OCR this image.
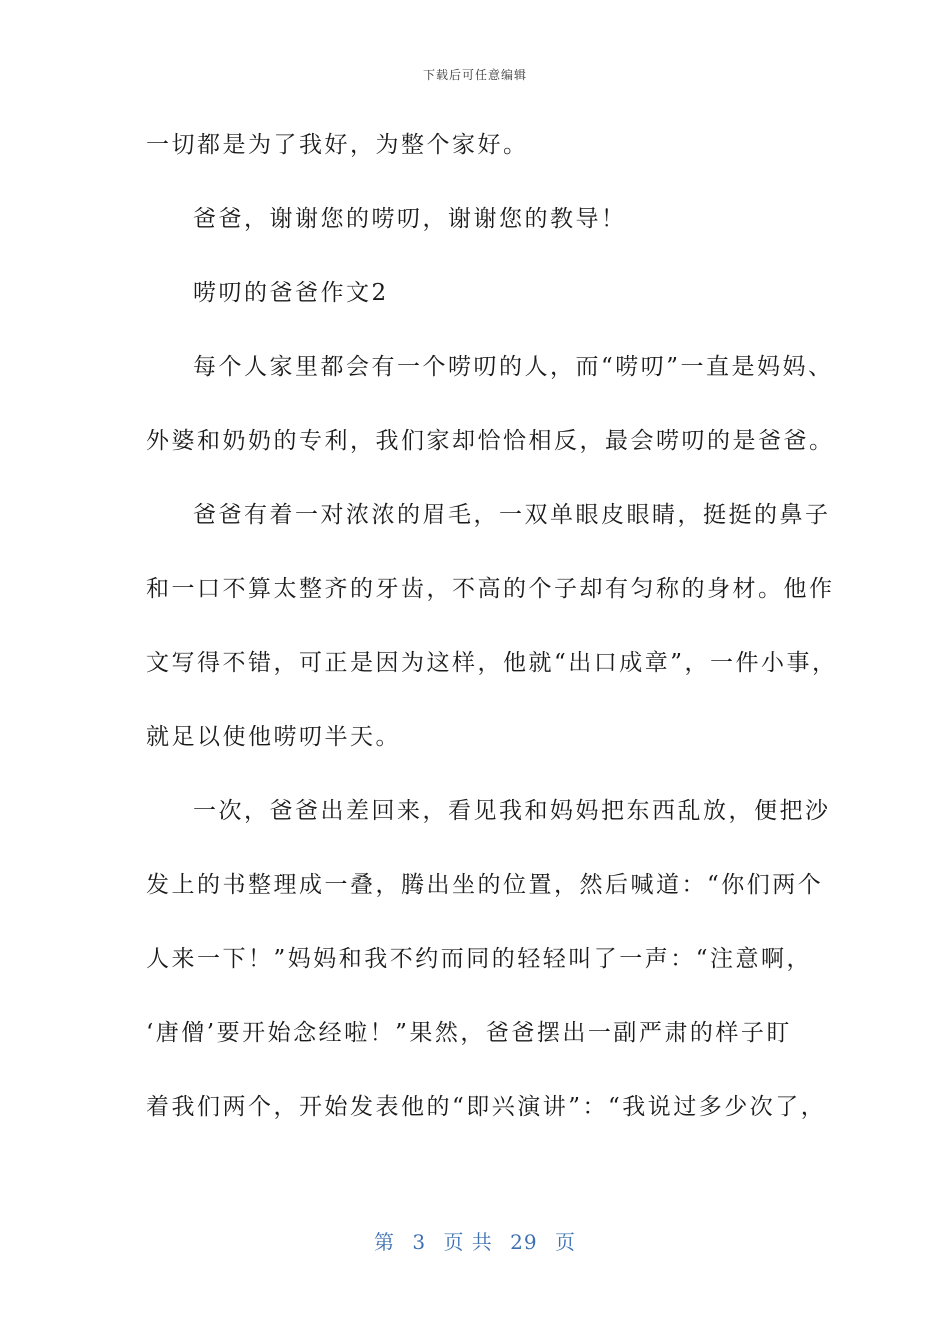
下载后可任意编辑
一切都是为了我好，为整个家好。
爸爸，谢谢您的唠叨，谢谢您的教导！
唠叨的爸爸作文2
每个人家里都会有一个唠叨的人，而“唠叨”一直是妈妈、
外婆和奶奶的专利，我们家却恰恰相反，最会唠叨的是爸爸。
爸爸有着一对浓浓的眉毛，一双单眼皮眼睛，挺挺的鼻子
和一口不算太整齐的牙齿，不高的个子却有匀称的身材。他作
文写得不错，可正是因为这样，他就“出口成章”，一件小事，
就足以使他唠叨半天。
一次，爸爸出差回来，看见我和妈妈把东西乱放，便把沙
发上的书整理成一叠，腾出坐的位置，然后喊道：“你们两个
人来一下！”妈妈和我不约而同的轻轻叫了一声：“注意啊，
‘唐僧’要开始念经啦！”果然，爸爸摆出一副严肃的样子盯
着我们两个，开始发表他的“即兴演讲”：“我说过多少次了，
第 3 页 共 29 页
